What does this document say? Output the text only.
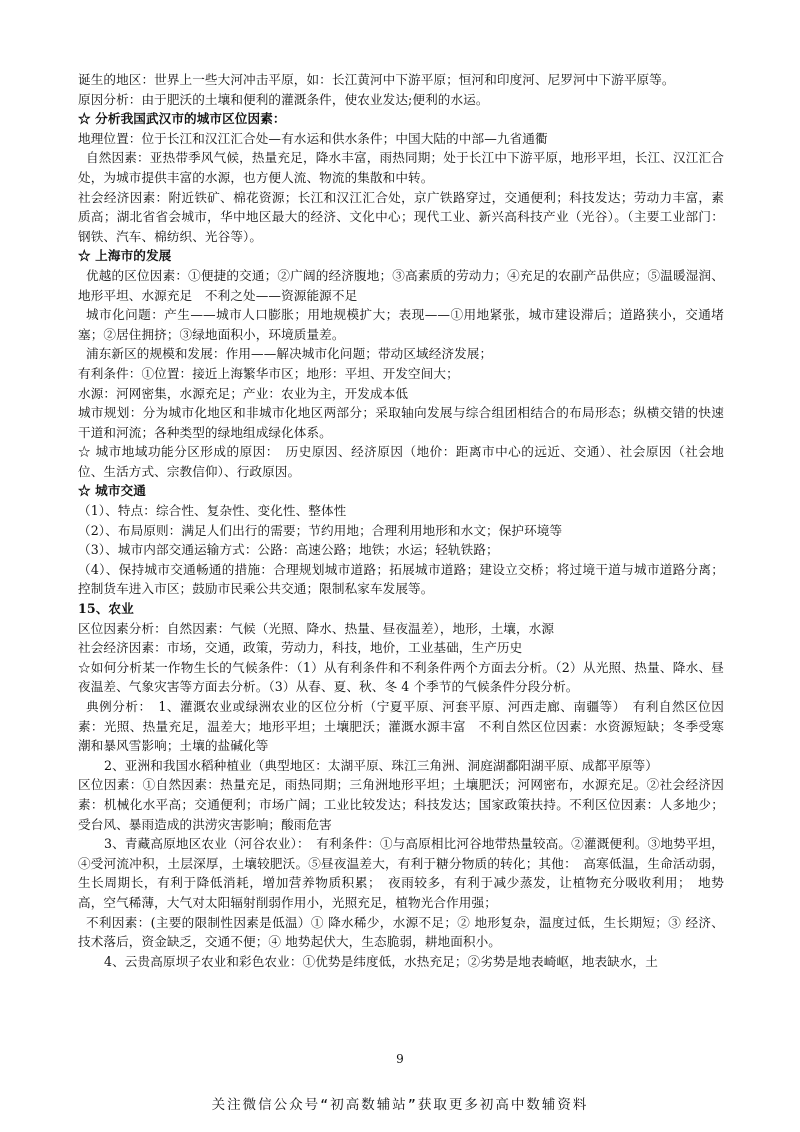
诞生的地区：世界上一些大河冲击平原，如：长江黄河中下游平原；恒河和印度河、尼罗河中下游平原等。

原因分析：由于肥沃的土壤和便利的灌溉条件，使农业发达;便利的水运。

☆ 分析我国武汉市的城市区位因素：

地理位置：位于长江和汉江汇合处—有水运和供水条件；中国大陆的中部—九省通衢

自然因素：亚热带季风气候，热量充足，降水丰富，雨热同期；处于长江中下游平原，地形平坦，长江、汉江汇合处，为城市提供丰富的水源，也方便人流、物流的集散和中转。

社会经济因素：附近铁矿、棉花资源；长江和汉江汇合处，京广铁路穿过，交通便利；科技发达；劳动力丰富，素质高；湖北省省会城市，华中地区最大的经济、文化中心；现代工业、新兴高科技产业（光谷）。（主要工业部门：钢铁、汽车、棉纺织、光谷等）。

☆ 上海市的发展

优越的区位因素：①便捷的交通；②广阔的经济腹地；③高素质的劳动力；④充足的农副产品供应；⑤温暖湿润、地形平坦、水源充足　不利之处——资源能源不足

城市化问题：产生——城市人口膨胀；用地规模扩大；表现——①用地紧张，城市建设滞后；道路狭小，交通堵塞；②居住拥挤；③绿地面积小，环境质量差。

浦东新区的规模和发展：作用——解决城市化问题；带动区域经济发展；

有利条件：①位置：接近上海繁华市区；地形：平坦、开发空间大；

水源：河网密集，水源充足；产业：农业为主，开发成本低

城市规划：分为城市化地区和非城市化地区两部分；采取轴向发展与综合组团相结合的布局形态；纵横交错的快速干道和河流；各种类型的绿地组成绿化体系。

☆ 城市地域功能分区形成的原因：　历史原因、经济原因（地价：距离市中心的远近、交通）、社会原因（社会地位、生活方式、宗教信仰）、行政原因。

☆ 城市交通

（1）、特点：综合性、复杂性、变化性、整体性

（2）、布局原则：满足人们出行的需要；节约用地；合理利用地形和水文；保护环境等

（3）、城市内部交通运输方式：公路：高速公路；地铁；水运；轻轨铁路；

（4）、保持城市交通畅通的措施：合理规划城市道路；拓展城市道路；建设立交桥；将过境干道与城市道路分离；控制货车进入市区；鼓励市民乘公共交通；限制私家车发展等。

15、农业

区位因素分析：自然因素：气候（光照、降水、热量、昼夜温差），地形，土壤，水源

社会经济因素：市场，交通，政策，劳动力，科技，地价，工业基础，生产历史

☆如何分析某一作物生长的气候条件：（1）从有利条件和不利条件两个方面去分析。（2）从光照、热量、降水、昼夜温差、气象灾害等方面去分析。（3）从春、夏、秋、冬 4 个季节的气候条件分段分析。

典例分析：　1、灌溉农业或绿洲农业的区位分析（宁夏平原、河套平原、河西走廊、南疆等）　有利自然区位因素：光照、热量充足，温差大；地形平坦；土壤肥沃；灌溉水源丰富　不利自然区位因素：水资源短缺；冬季受寒潮和暴风雪影响；土壤的盐碱化等

2、亚洲和我国水稻种植业（典型地区：太湖平原、珠江三角洲、洞庭湖鄱阳湖平原、成都平原等）

区位因素：①自然因素：热量充足，雨热同期；三角洲地形平坦；土壤肥沃；河网密布，水源充足。②社会经济因素：机械化水平高；交通便利；市场广阔；工业比较发达；科技发达；国家政策扶持。不利区位因素：人多地少；受台风、暴雨造成的洪涝灾害影响；酸雨危害

3、青藏高原地区农业（河谷农业）：　有利条件：①与高原相比河谷地带热量较高。②灌溉便利。③地势平坦，④受河流冲积，土层深厚，土壤较肥沃。⑤昼夜温差大，有利于糖分物质的转化；其他：　高寒低温，生命活动弱，生长周期长，有利于降低消耗，增加营养物质积累；　夜雨较多，有利于减少蒸发，让植物充分吸收利用；　地势高，空气稀薄，大气对太阳辐射削弱作用小，光照充足，植物光合作用强；

不利因素：(主要的限制性因素是低温）① 降水稀少，水源不足；② 地形复杂，温度过低，生长期短；③ 经济、技术落后，资金缺乏，交通不便；④ 地势起伏大，生态脆弱，耕地面积小。

4、云贵高原坝子农业和彩色农业：①优势是纬度低，水热充足；②劣势是地表崎岖，地表缺水，土

9
关注微信公众号“初高数辅站”获取更多初高中数辅资料
